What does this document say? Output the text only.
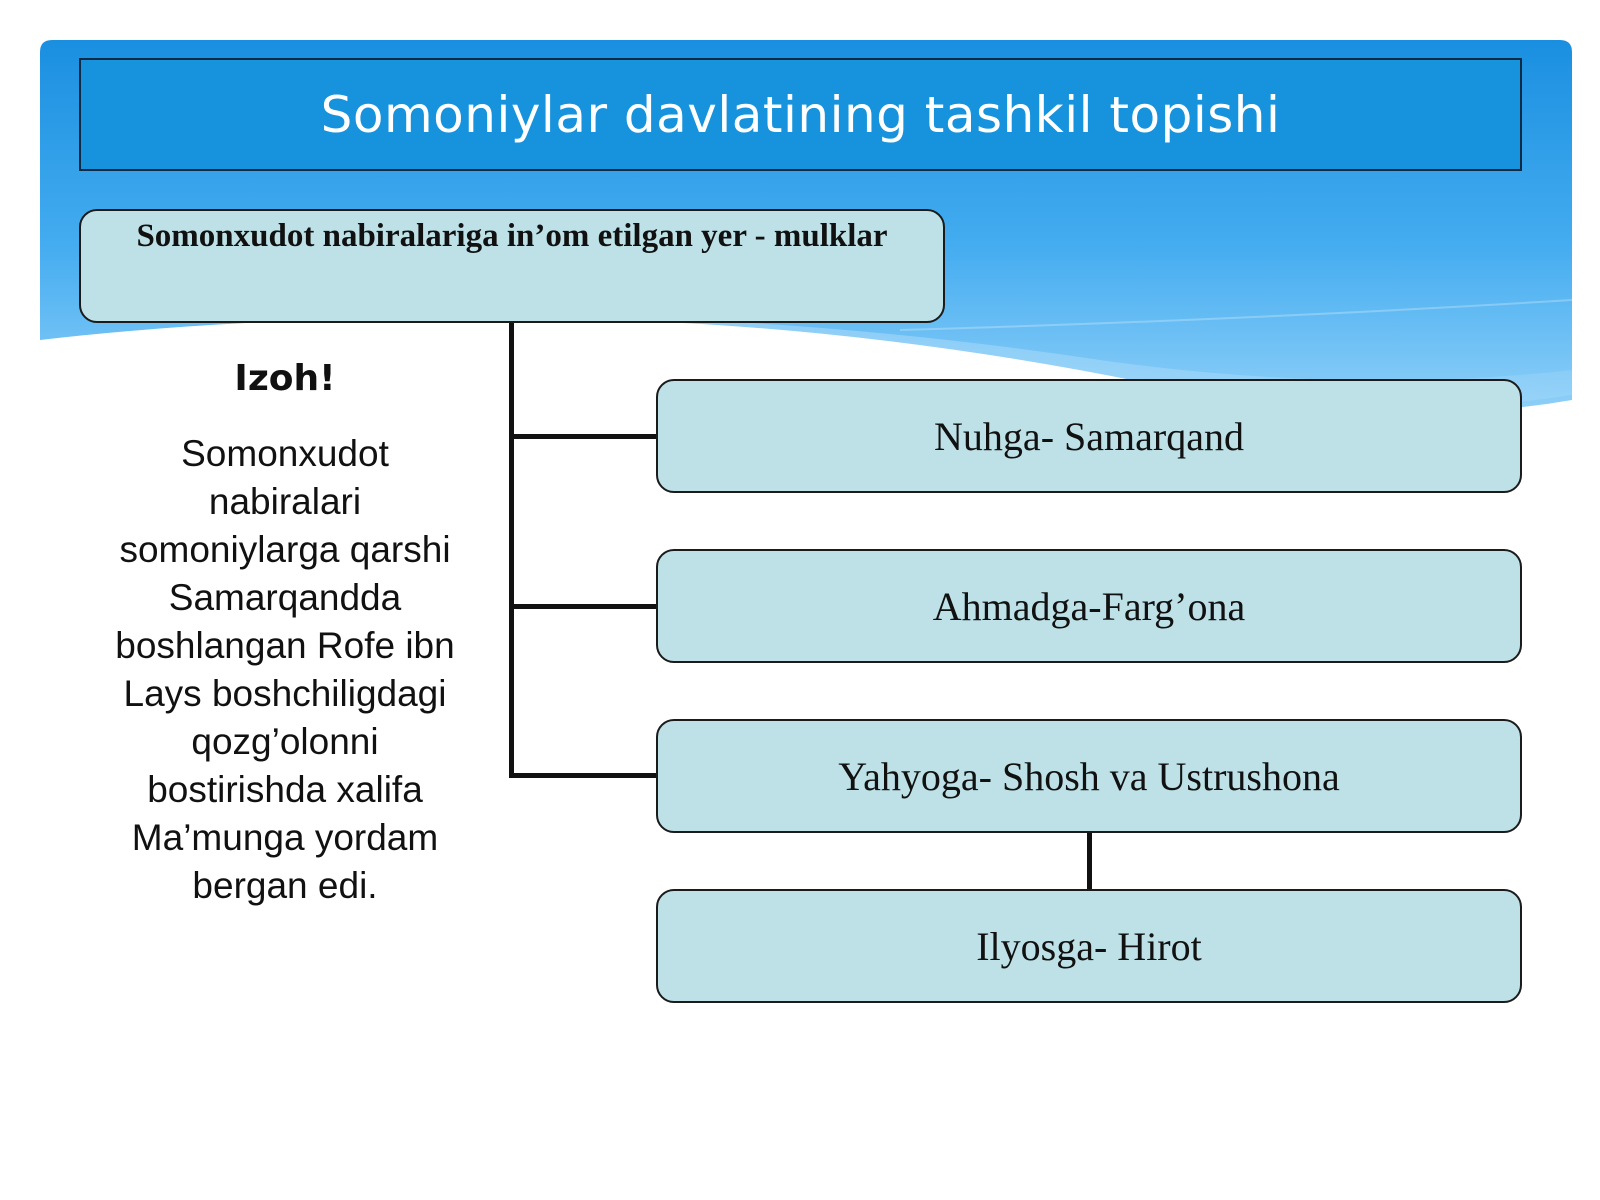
Somoniylar davlatining tashkil topishi
Somonxudot nabiralariga in’om etilgan yer - mulklar
Nuhga- Samarqand
Ahmadga-Farg’ona
Yahyoga- Shosh va Ustrushona
Ilyosga- Hirot
Izoh!
Somonxudot nabiralari somoniylarga qarshi Samarqandda boshlangan Rofe ibn Lays boshchiligdagi qozg’olonni bostirishda xalifa Ma’munga yordam bergan edi.
